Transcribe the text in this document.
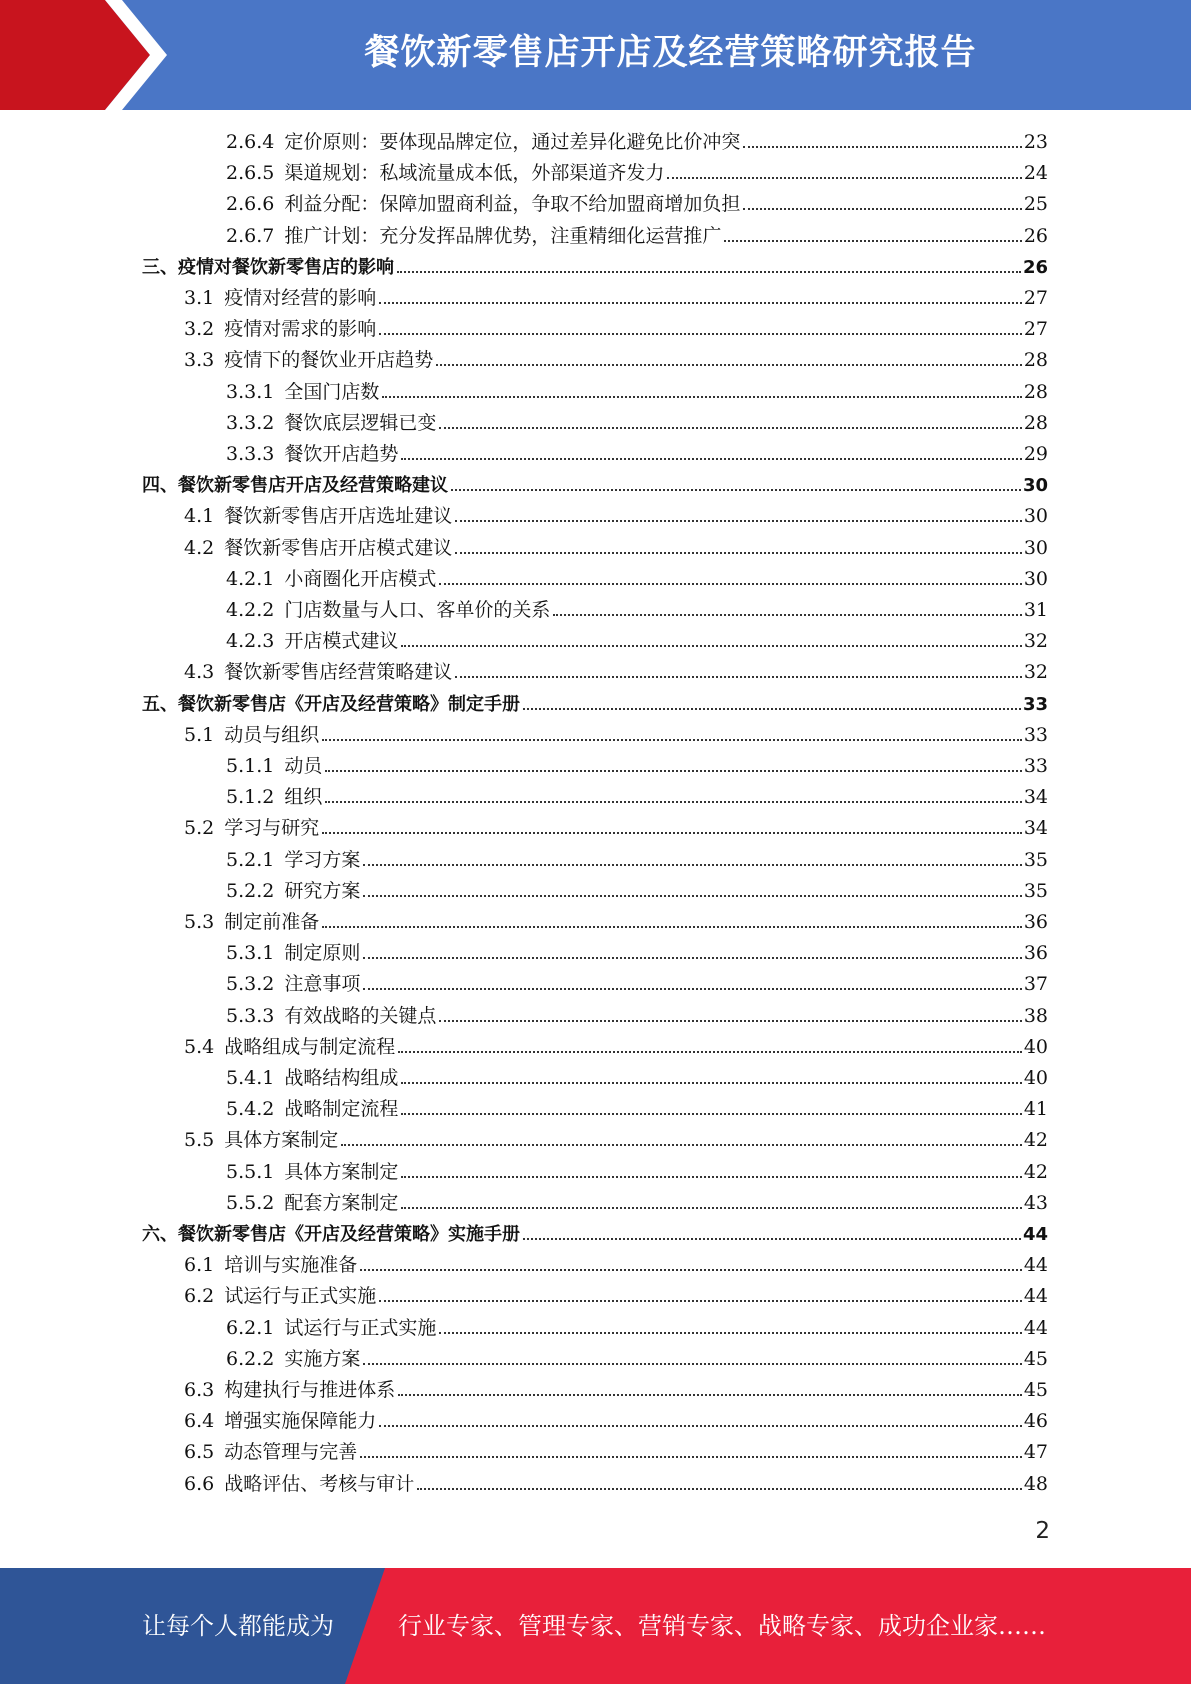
餐饮新零售店开店及经营策略研究报告
2.6.4 定价原则：要体现品牌定位，通过差异化避免比价冲突	23
2.6.5 渠道规划：私域流量成本低，外部渠道齐发力	24
2.6.6 利益分配：保障加盟商利益，争取不给加盟商增加负担	25
2.6.7 推广计划：充分发挥品牌优势，注重精细化运营推广	26
三、疫情对餐饮新零售店的影响	26
3.1 疫情对经营的影响	27
3.2 疫情对需求的影响	27
3.3 疫情下的餐饮业开店趋势	28
3.3.1 全国门店数	28
3.3.2 餐饮底层逻辑已变	28
3.3.3 餐饮开店趋势	29
四、餐饮新零售店开店及经营策略建议	30
4.1 餐饮新零售店开店选址建议	30
4.2 餐饮新零售店开店模式建议	30
4.2.1 小商圈化开店模式	30
4.2.2 门店数量与人口、客单价的关系	31
4.2.3 开店模式建议	32
4.3 餐饮新零售店经营策略建议	32
五、餐饮新零售店《开店及经营策略》制定手册	33
5.1 动员与组织	33
5.1.1 动员	33
5.1.2 组织	34
5.2 学习与研究	34
5.2.1 学习方案	35
5.2.2 研究方案	35
5.3 制定前准备	36
5.3.1 制定原则	36
5.3.2 注意事项	37
5.3.3 有效战略的关键点	38
5.4 战略组成与制定流程	40
5.4.1 战略结构组成	40
5.4.2 战略制定流程	41
5.5 具体方案制定	42
5.5.1 具体方案制定	42
5.5.2 配套方案制定	43
六、餐饮新零售店《开店及经营策略》实施手册	44
6.1 培训与实施准备	44
6.2 试运行与正式实施	44
6.2.1 试运行与正式实施	44
6.2.2 实施方案	45
6.3 构建执行与推进体系	45
6.4 增强实施保障能力	46
6.5 动态管理与完善	47
6.6 战略评估、考核与审计	48
2
让每个人都能成为	行业专家、管理专家、营销专家、战略专家、成功企业家……
